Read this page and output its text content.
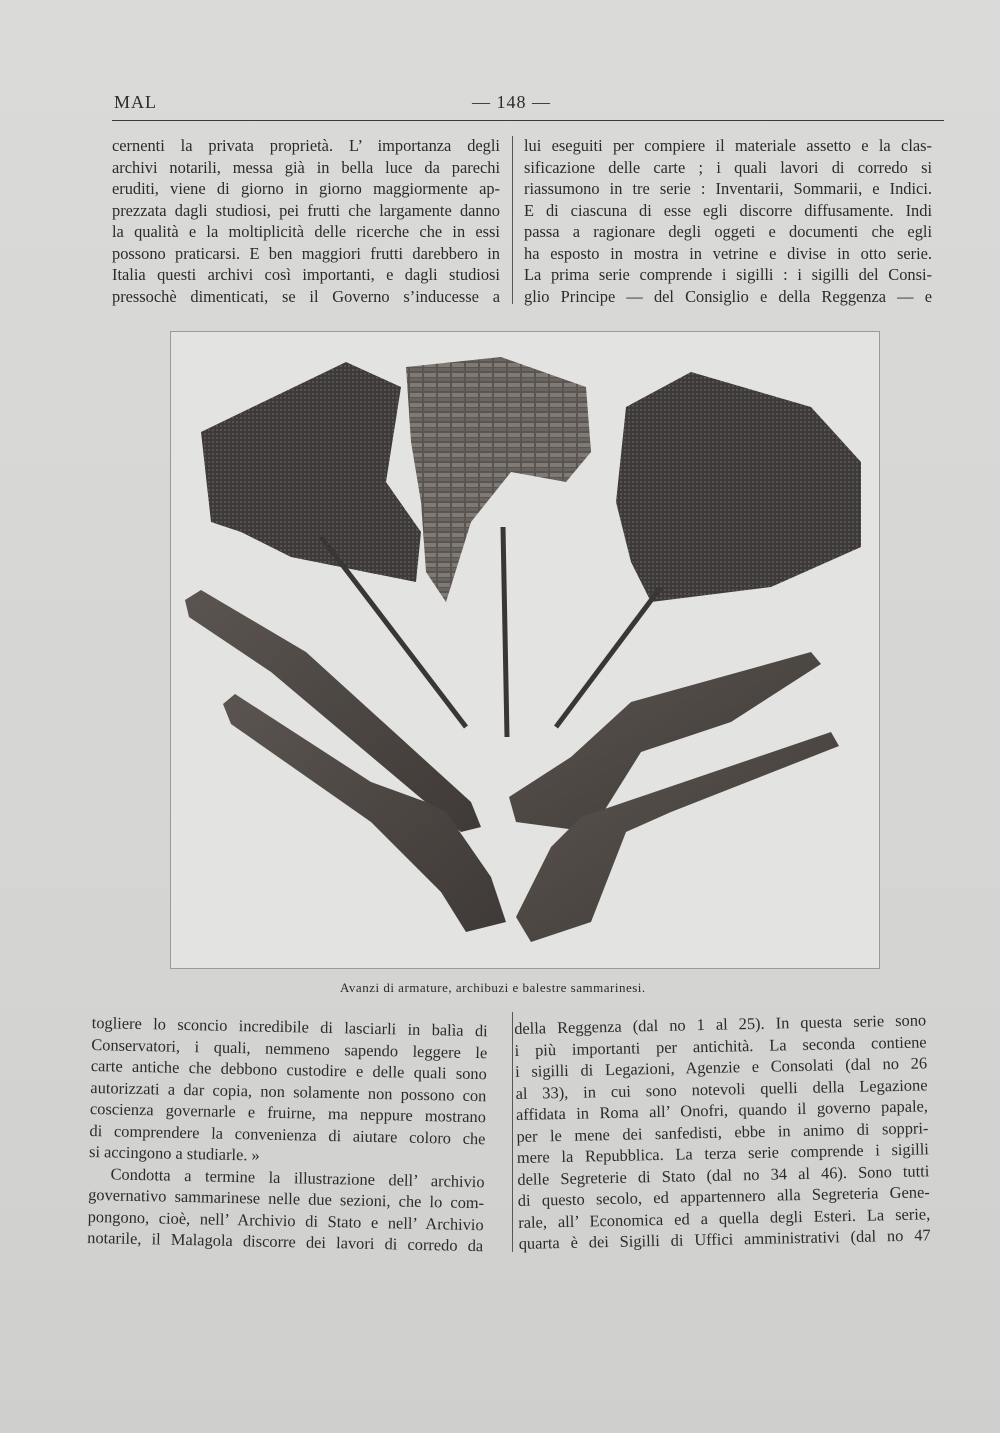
MAL	— 148 —
cernenti la privata proprietà. L’ importanza degli
archivi notarili, messa già in bella luce da parechi
eruditi, viene di giorno in giorno maggiormente ap-
prezzata dagli studiosi, pei frutti che largamente danno
la qualità e la moltiplicità delle ricerche che in essi
possono praticarsi. E ben maggiori frutti darebbero in
Italia questi archivi così importanti, e dagli studiosi
pressochè dimenticati, se il Governo s’inducesse a
lui eseguiti per compiere il materiale assetto e la clas-
sificazione delle carte ; i quali lavori di corredo si
riassumono in tre serie : Inventarii, Sommarii, e Indici.
E di ciascuna di esse egli discorre diffusamente. Indi
passa a ragionare degli oggeti e documenti che egli
ha esposto in mostra in vetrine e divise in otto serie.
La prima serie comprende i sigilli : i sigilli del Consi-
glio Principe — del Consiglio e della Reggenza — e
Avanzi di armature, archibuzi e balestre sammarinesi.
togliere lo sconcio incredibile di lasciarli in balìa di
Conservatori, i quali, nemmeno sapendo leggere le
carte antiche che debbono custodire e delle quali sono
autorizzati a dar copia, non solamente non possono con
coscienza governarle e fruirne, ma neppure mostrano
di comprendere la convenienza di aiutare coloro che
si accingono a studiarle. »
Condotta a termine la illustrazione dell’ archivio
governativo sammarinese nelle due sezioni, che lo com-
pongono, cioè, nell’ Archivio di Stato e nell’ Archivio
notarile, il Malagola discorre dei lavori di corredo da
della Reggenza (dal no 1 al 25). In questa serie sono
i più importanti per antichità. La seconda contiene
i sigilli di Legazioni, Agenzie e Consolati (dal no 26
al 33), in cui sono notevoli quelli della Legazione
affidata in Roma all’ Onofri, quando il governo papale,
per le mene dei sanfedisti, ebbe in animo di soppri-
mere la Repubblica. La terza serie comprende i sigilli
delle Segreterie di Stato (dal no 34 al 46). Sono tutti
di questo secolo, ed appartennero alla Segreteria Gene-
rale, all’ Economica ed a quella degli Esteri. La serie,
quarta è dei Sigilli di Uffici amministrativi (dal no 47
